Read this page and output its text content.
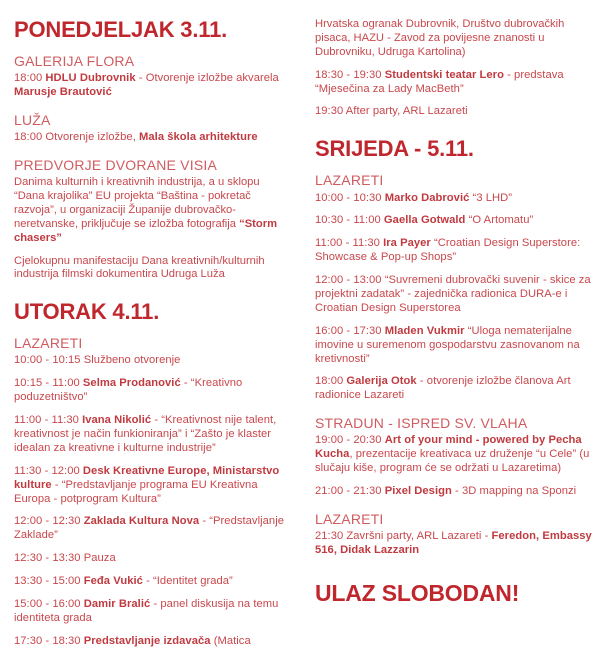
PONEDJELJAK 3.11.
GALERIJA FLORA

18:00 HDLU Dubrovnik - Otvorenje izložbe akvarela Marusje Brautović

LUŽA

18:00 Otvorenje izložbe, Mala škola arhitekture

PREDVORJE DVORANE VISIA

Danima kulturnih i kreativnih industrija, a u sklopu “Dana krajolika” EU projekta “Baština - pokretač razvoja”, u organizaciji Županije dubrovačko-neretvanske, priključuje se izložba fotografija “Storm chasers”

Cjelokupnu manifestaciju Dana kreativnih/kulturnih industrija filmski dokumentira Udruga Luža

UTORAK 4.11.
LAZARETI

10:00 - 10:15 Službeno otvorenje

10:15 - 11:00 Selma Prodanović - “Kreativno poduzetništvo”

11:00 - 11:30 Ivana Nikolić - “Kreativnost nije talent, kreativnost je način funkioniranja” i “Zašto je klaster idealan za kreativne i kulturne industrije”

11:30 - 12:00 Desk Kreativne Europe, Ministarstvo kulture - “Predstavljanje programa EU Kreativna Europa - potprogram Kultura”

12:00 - 12:30 Zaklada Kultura Nova - “Predstavljanje Zaklade”

12:30 - 13:30 Pauza

13:30 - 15:00 Feđa Vukić - “Identitet grada”

15:00 - 16:00 Damir Bralić - panel diskusija na temu identiteta grada

17:30 - 18:30 Predstavljanje izdavača (Matica

Hrvatska ogranak Dubrovnik, Društvo dubrovačkih pisaca, HAZU - Zavod za povijesne znanosti u Dubrovniku, Udruga Kartolina)

18:30 - 19:30 Studentski teatar Lero - predstava “Mjesečina za Lady MacBeth”

19:30 After party, ARL Lazareti

SRIJEDA - 5.11.
LAZARETI

10:00 - 10:30 Marko Dabrović “3 LHD”

10:30 - 11:00 Gaella Gotwald “O Artomatu”

11:00 - 11:30 Ira Payer “Croatian Design Superstore: Showcase & Pop-up Shops”

12:00 - 13:00 “Suvremeni dubrovački suvenir - skice za projektni zadatak” - zajednička radionica DURA-e i Croatian Design Superstorea

16:00 - 17:30 Mladen Vukmir “Uloga nematerijalne imovine u suremenom gospodarstvu zasnovanom na kretivnosti”

18:00 Galerija Otok - otvorenje izložbe članova Art radionice Lazareti

STRADUN - ISPRED SV. VLAHA

19:00 - 20:30 Art of your mind - powered by Pecha Kucha, prezentacije kreativaca uz druženje “u Cele” (u slučaju kiše, program će se održati u Lazaretima)

21:00 - 21:30 Pixel Design - 3D mapping na Sponzi

LAZARETI

21:30 Završni party, ARL Lazareti - Feredon, Embassy 516, Didak Lazzarin

ULAZ SLOBODAN!
